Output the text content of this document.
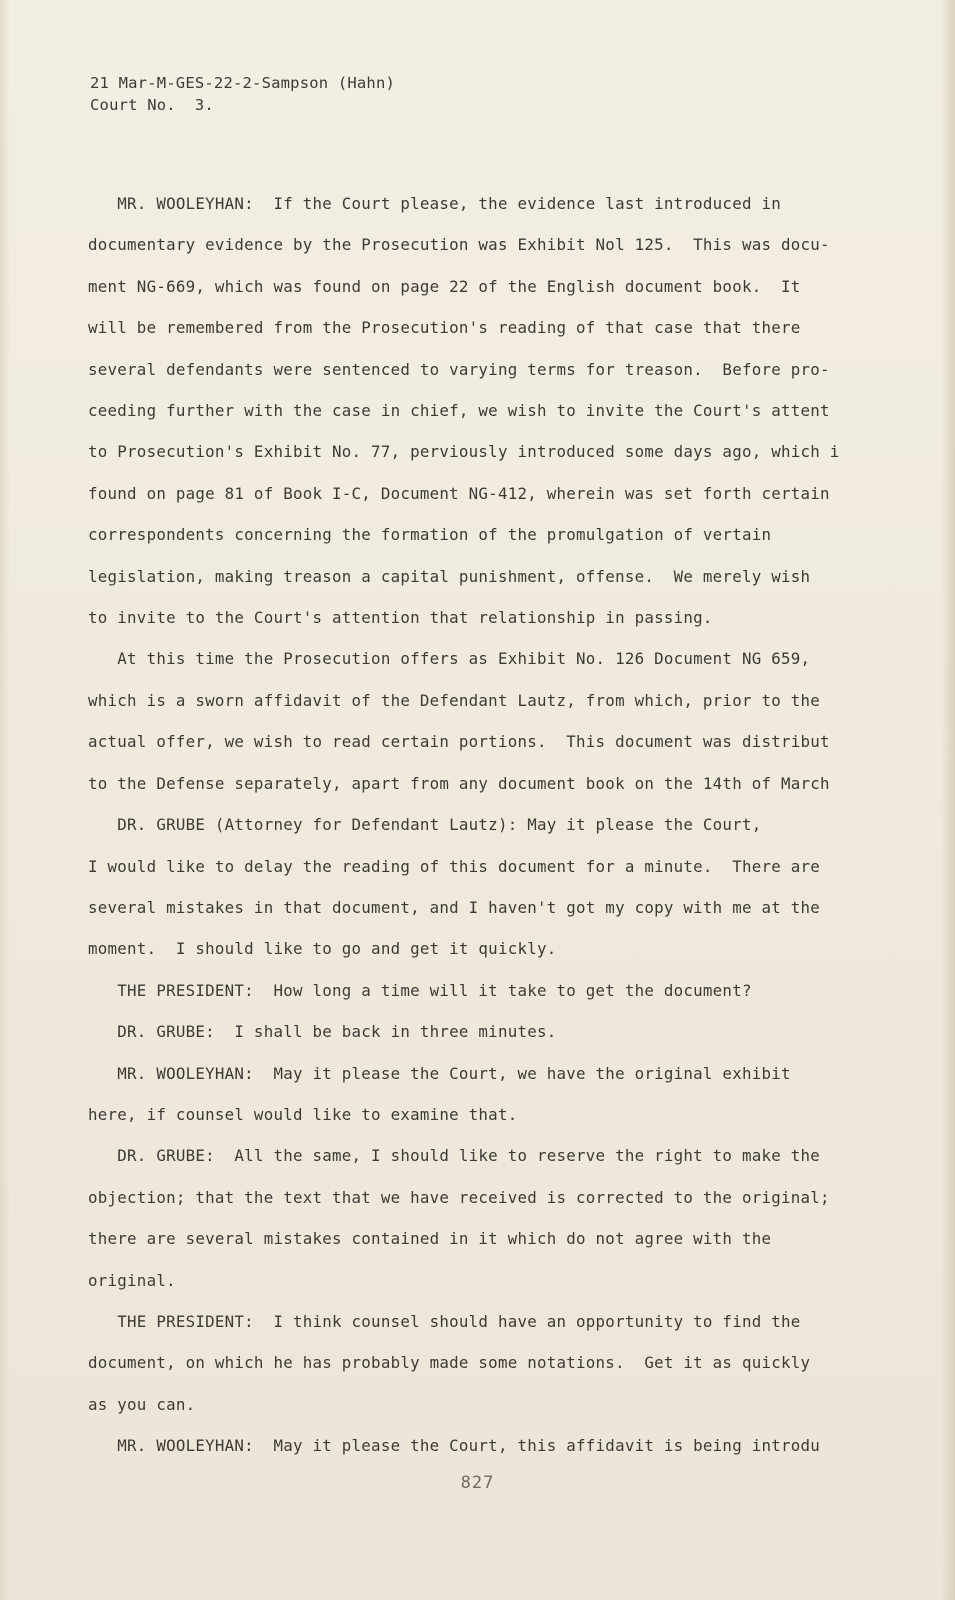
21 Mar-M-GES-22-2-Sampson (Hahn)
Court No.  3.
MR. WOOLEYHAN:  If the Court please, the evidence last introduced in
documentary evidence by the Prosecution was Exhibit Nol 125.  This was docu-
ment NG-669, which was found on page 22 of the English document book.  It
will be remembered from the Prosecution's reading of that case that there
several defendants were sentenced to varying terms for treason.  Before pro-
ceeding further with the case in chief, we wish to invite the Court's attent
to Prosecution's Exhibit No. 77, perviously introduced some days ago, which i
found on page 81 of Book I-C, Document NG-412, wherein was set forth certain
correspondents concerning the formation of the promulgation of vertain
legislation, making treason a capital punishment, offense.  We merely wish
to invite to the Court's attention that relationship in passing.
At this time the Prosecution offers as Exhibit No. 126 Document NG 659,
which is a sworn affidavit of the Defendant Lautz, from which, prior to the
actual offer, we wish to read certain portions.  This document was distribut
to the Defense separately, apart from any document book on the 14th of March
DR. GRUBE (Attorney for Defendant Lautz): May it please the Court,
I would like to delay the reading of this document for a minute.  There are
several mistakes in that document, and I haven't got my copy with me at the
moment.  I should like to go and get it quickly.
THE PRESIDENT:  How long a time will it take to get the document?
DR. GRUBE:  I shall be back in three minutes.
MR. WOOLEYHAN:  May it please the Court, we have the original exhibit
here, if counsel would like to examine that.
DR. GRUBE:  All the same, I should like to reserve the right to make the
objection; that the text that we have received is corrected to the original;
there are several mistakes contained in it which do not agree with the
original.
THE PRESIDENT:  I think counsel should have an opportunity to find the
document, on which he has probably made some notations.  Get it as quickly
as you can.
MR. WOOLEYHAN:  May it please the Court, this affidavit is being introdu
827
